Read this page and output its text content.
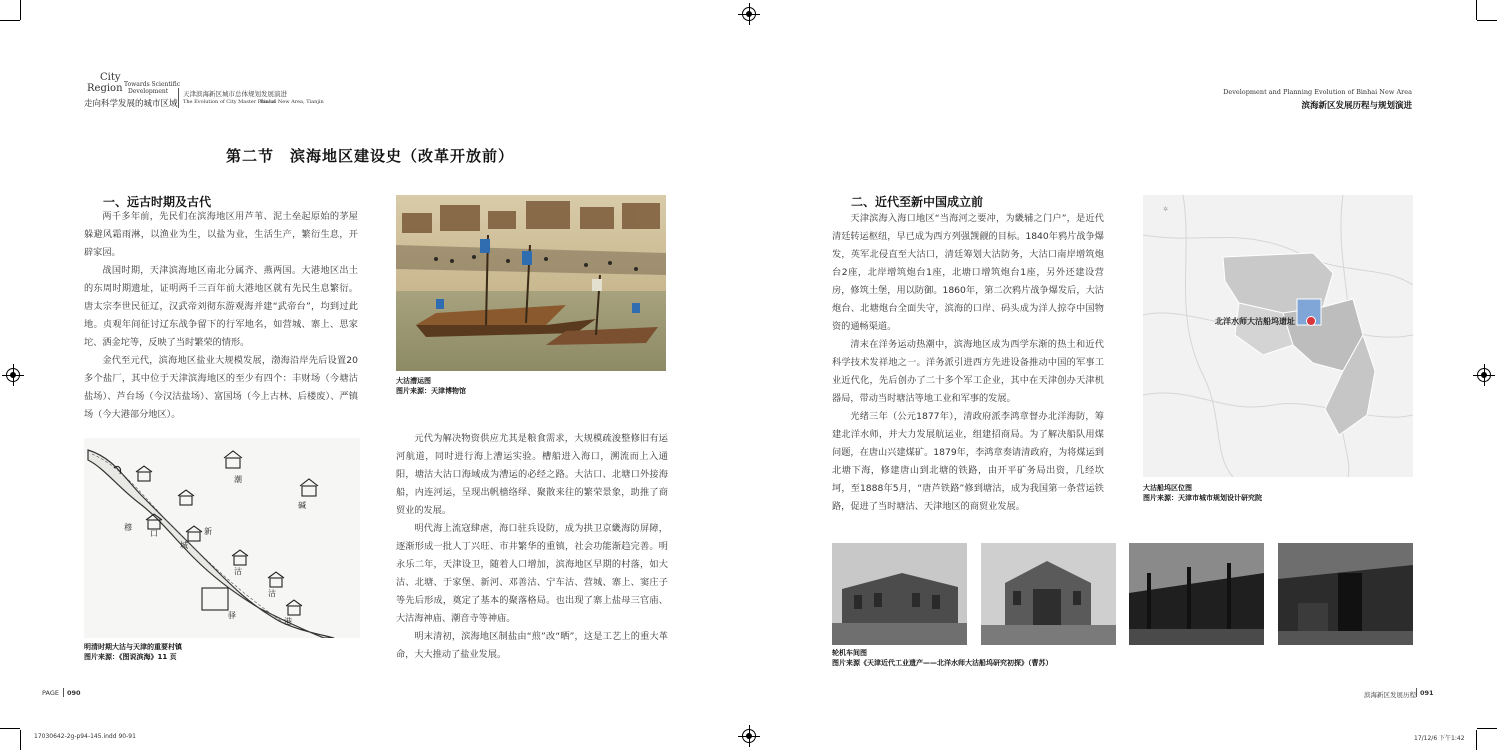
City
Region Towards Scientific
Development
走向科学发展的城市区域
天津滨海新区城市总体规划发展演进
The Evolution of City Master Plan of
Binhai New Area, Tianjin
Development and Planning Evolution of Binhai New Area
滨海新区发展历程与规划演进
第二节　滨海地区建设史（改革开放前）
一、远古时期及古代

两千多年前，先民们在滨海地区用芦苇、泥土垒起原始的茅屋躲避风霜雨淋，以渔业为生，以盐为业，生活生产，繁衍生息，开辟家园。

战国时期，天津滨海地区南北分属齐、燕两国。大港地区出土的东周时期遗址，证明两千三百年前大港地区就有先民生息繁衍。唐太宗李世民征辽，汉武帝刘彻东游观海并建“武帝台”，均到过此地。贞观年间征讨辽东战争留下的行军地名，如营城、寨上、思家坨、洒金坨等，反映了当时繁荣的情形。

金代至元代，滨海地区盐业大规模发展，渤海沿岸先后设置20多个盐厂，其中位于天津滨海地区的至少有四个：丰财场（今塘沽盐场）、芦台场（今汉沽盐场）、富国场（今上古林、后楼废）、严镇场（今大港部分地区）。

潮
碱
穆
口
城
新
沽
沽
驿
港
明清时期大沽与天津的重要村镇
图片来源：《图说滨海》11 页
大沽漕运图
图片来源：天津博物馆

元代为解决物资供应尤其是粮食需求，大规模疏浚整修旧有运河航道，同时进行海上漕运实验。槽船进入海口，溯流而上入通阳，塘沽大沽口海域成为漕运的必经之路。大沽口、北塘口外接海船，内连河运，呈现出帆樯络绎、聚散来往的繁荣景象，助推了商贸业的发展。

明代海上流寇肆虐，海口驻兵设防，成为拱卫京畿海防屏障，逐渐形成一批人丁兴旺、市井繁华的重镇，社会功能渐趋完善。明永乐二年，天津设卫，随着人口增加，滨海地区早期的村落，如大沽、北塘、于家堡、新河、邓善沽、宁车沽、营城、寨上、窦庄子等先后形成，奠定了基本的聚落格局。也出现了寨上盐母三官庙、大沽海神庙、潮音寺等神庙。

明末清初，滨海地区制盐由“煎”改“晒”，这是工艺上的重大革命，大大推动了盐业发展。

二、近代至新中国成立前

天津滨海入海口地区“当海河之要冲，为畿辅之门户”，是近代清廷转运枢纽，早已成为西方列强觊觎的目标。1840年鸦片战争爆发，英军北侵直至大沽口，清廷筹划大沽防务，大沽口南岸增筑炮台2座，北岸增筑炮台1座，北塘口增筑炮台1座，另外还建设营房，修筑土堡，用以防御。1860年，第二次鸦片战争爆发后，大沽炮台、北塘炮台全面失守，滨海的口岸、码头成为洋人掠夺中国物资的通畅渠道。

清末在洋务运动热潮中，滨海地区成为西学东渐的热土和近代科学技术发祥地之一。洋务派引进西方先进设备推动中国的军事工业近代化，先后创办了二十多个军工企业，其中在天津创办天津机器局，带动当时塘沽等地工业和军事的发展。

光绪三年（公元1877年），清政府派李鸿章督办北洋海防，筹建北洋水师，并大力发展航运业，组建招商局。为了解决船队用煤问题，在唐山兴建煤矿。1879年，李鸿章奏请清政府，为将煤运到北塘下海，修建唐山到北塘的铁路，由开平矿务局出资，几经坎坷，至1888年5月，“唐芦铁路”修到塘沽，成为我国第一条营运铁路，促进了当时塘沽、天津地区的商贸业发展。

✲
北洋水师大沽船坞遗址
大沽船坞区位图
图片来源：天津市城市规划设计研究院
轮机车间图
图片来源《天津近代工业遗产——北洋水师大沽船坞研究初探》（曹苏）
PAGE 090	滨海新区发展历程 091
17030642-2g-p94-145.indd 90-91	17/12/6 下午1:42
